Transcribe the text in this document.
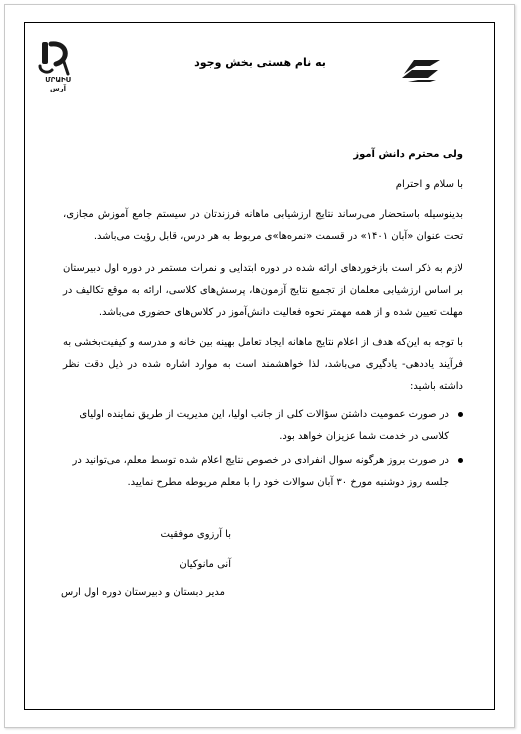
ՄՐԱԻՍ
آرس
به نام هستی بخش وجود
ولی محترم دانش آموز
با سلام و احترام
بدینوسیله باستحضار می‌رساند نتایج ارزشیابی ماهانه فرزندتان در سیستم جامع آموزش مجازی، تحت عنوان «آبان ۱۴۰۱» در قسمت «نمره‌ها»ی مربوط به هر درس، قابل رؤیت می‌باشد.
لازم به ذکر است بازخوردهای ارائه شده در دوره ابتدایی و نمرات مستمر در دوره اول دبیرستان بر اساس ارزشیابی معلمان از تجمیع نتایج آزمون‌ها، پرسش‌های کلاسی، ارائه به موقع تکالیف در مهلت تعیین شده و از همه مهمتر نحوه فعالیت دانش‌آموز در کلاس‌های حضوری می‌باشد.
با توجه به این‌که هدف از اعلام نتایج ماهانه ایجاد تعامل بهینه بین خانه و مدرسه و کیفیت‌بخشی به فرآیند یاددهی- یادگیری می‌باشد، لذا خواهشمند است به موارد اشاره شده در ذیل دقت نظر داشته باشید:
در صورت عمومیت داشتن سؤالات کلی از جانب اولیا، این مدیریت از طریق نماینده اولیای کلاسی در خدمت شما عزیزان خواهد بود.
در صورت بروز هرگونه سوال انفرادی در خصوص نتایج اعلام شده توسط معلم، می‌توانید در جلسه روز دوشنبه مورخ ۳۰ آبان سوالات خود را با معلم مربوطه مطرح نمایید.
با آرزوی موفقیت
آنی مانوکیان
مدیر دبستان و دبیرستان دوره اول ارس
